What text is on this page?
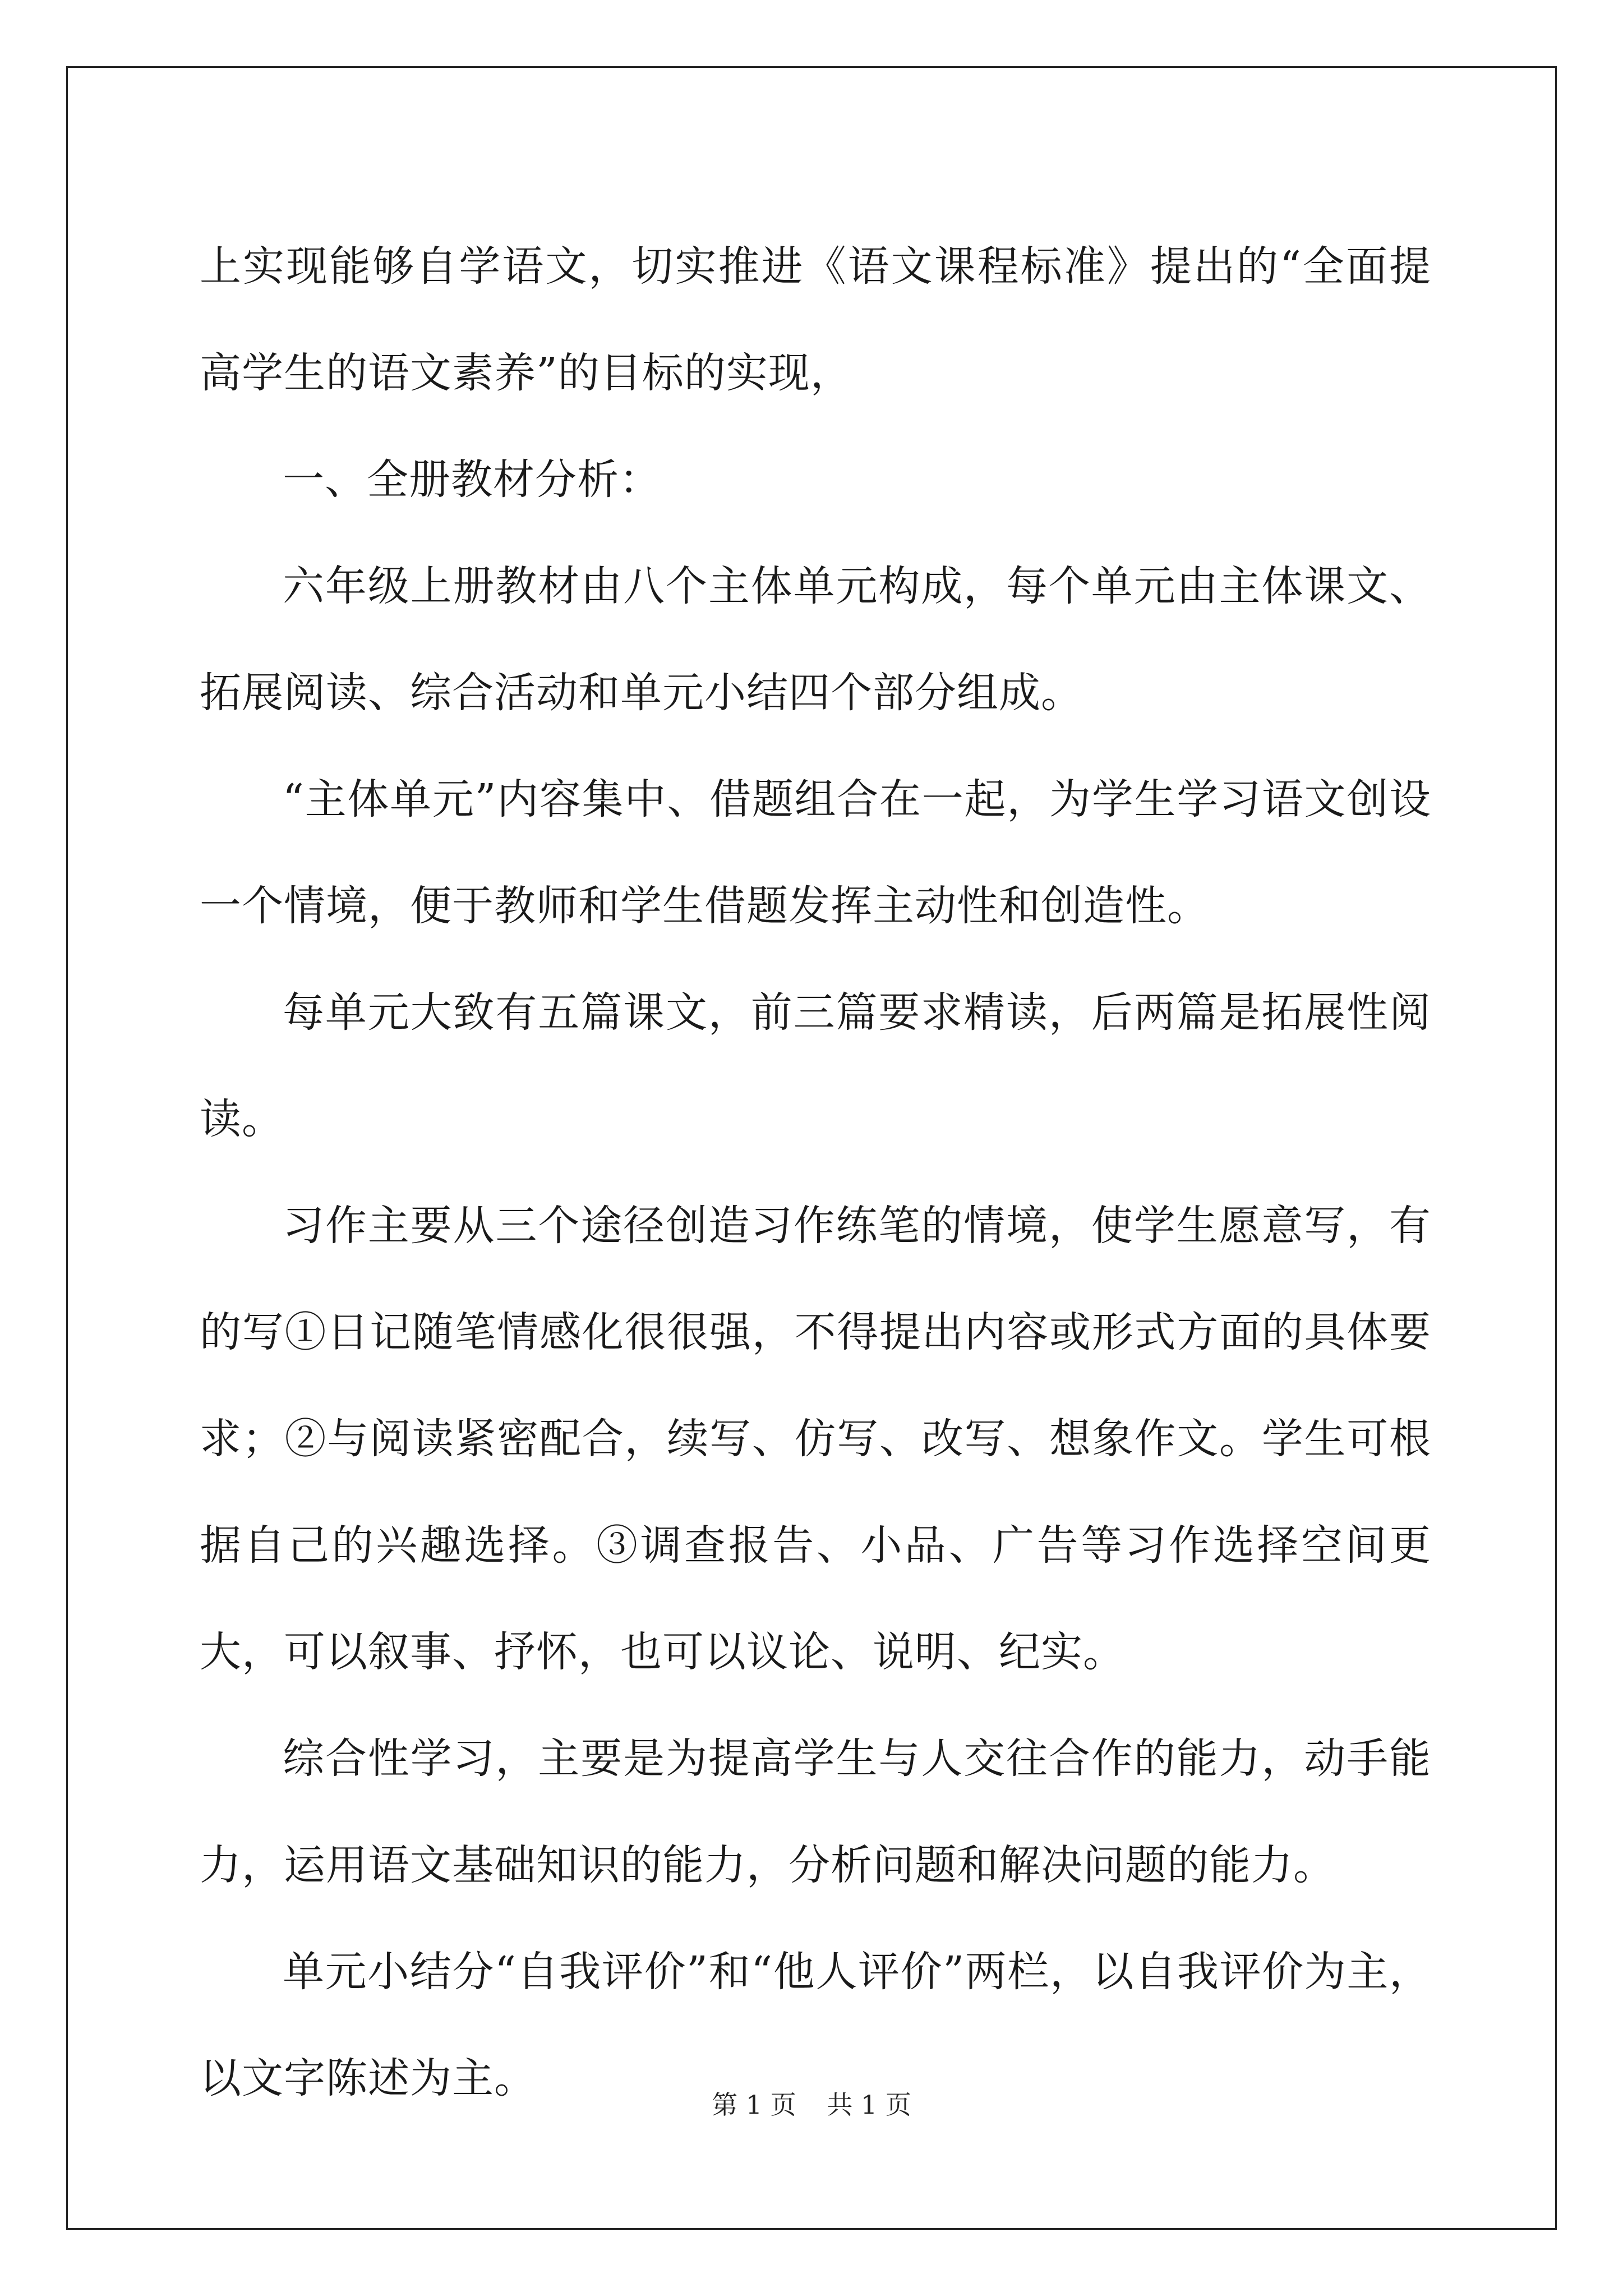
上实现能够自学语文，切实推进《语文课程标准》提出的“全面提高学生的语文素养”的目标的实现，

一、全册教材分析：

六年级上册教材由八个主体单元构成，每个单元由主体课文、拓展阅读、综合活动和单元小结四个部分组成。

“主体单元”内容集中、借题组合在一起，为学生学习语文创设一个情境，便于教师和学生借题发挥主动性和创造性。

每单元大致有五篇课文，前三篇要求精读，后两篇是拓展性阅读。

习作主要从三个途径创造习作练笔的情境，使学生愿意写，有的写①日记随笔情感化很很强，不得提出内容或形式方面的具体要求；②与阅读紧密配合，续写、仿写、改写、想象作文。学生可根据自己的兴趣选择。③调查报告、小品、广告等习作选择空间更大，可以叙事、抒怀，也可以议论、说明、纪实。

综合性学习，主要是为提高学生与人交往合作的能力，动手能力，运用语文基础知识的能力，分析问题和解决问题的能力。

单元小结分“自我评价”和“他人评价”两栏，以自我评价为主，以文字陈述为主。

第 1 页 共 1 页
